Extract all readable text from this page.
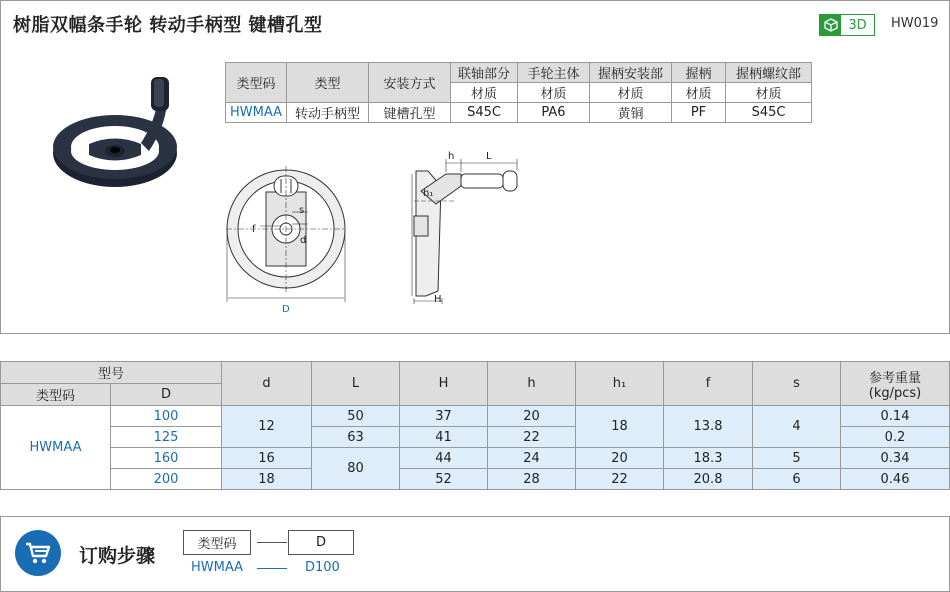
树脂双幅条手轮 转动手柄型 键槽孔型	3D	HW019
类型码	类型	安装方式	联轴部分	手轮主体	握柄安装部	握柄	握柄螺纹部
			材质	材质	材质	材质	材质
HWMAA	转动手柄型	键槽孔型	S45C	PA6	黄铜	PF	S45C
s
f
d
D
h	L
h₁
H
型号		d	L	H	h	h₁	f	s	参考重量
(kg/pcs)

类型码	D								
HWMAA	100	12	50	37	20	18	13.8	4	0.14
	125		63	41	22				0.2
	160	16	80	44	24	20	18.3	5	0.34
	200	18		52	28	22	20.8	6	0.46
订购步骤
类型码	D
HWMAA	D100
